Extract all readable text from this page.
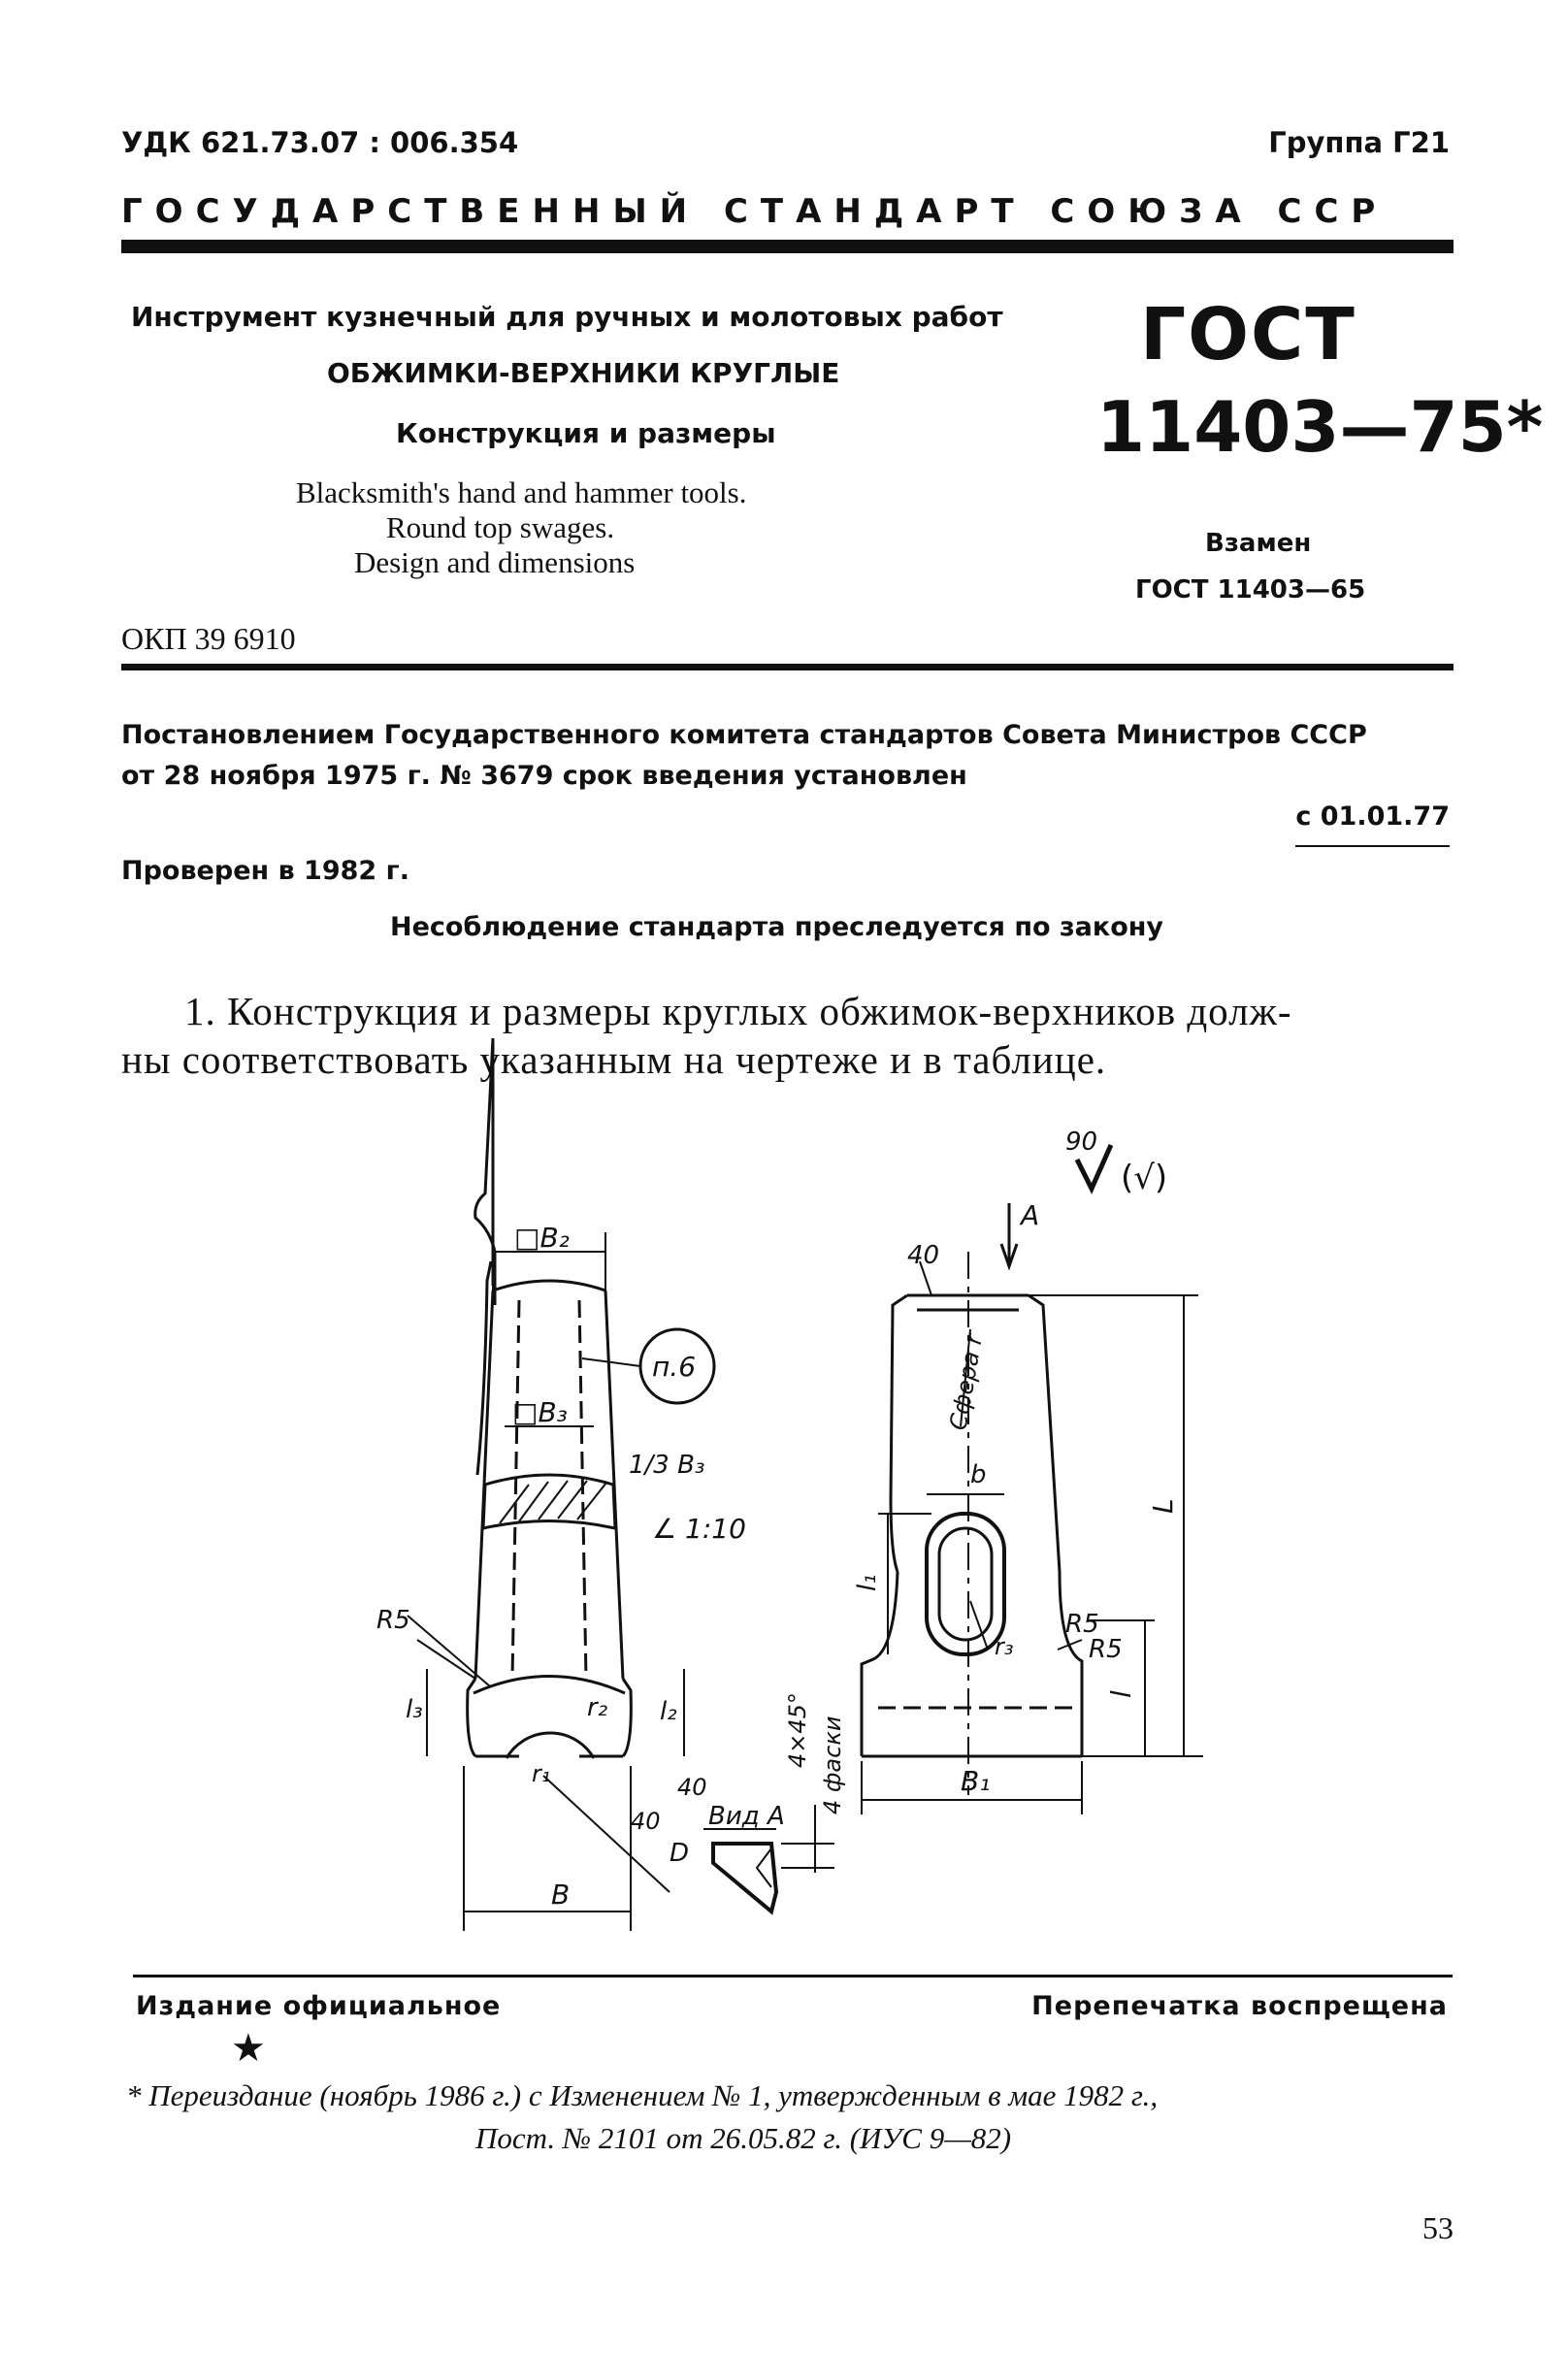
УДК 621.73.07 : 006.354	Группа Г21
ГОСУДАРСТВЕННЫЙ СТАНДАРТ СОЮЗА ССР
Инструмент кузнечный для ручных и молотовых работ
ОБЖИМКИ-ВЕРХНИКИ КРУГЛЫЕ
Конструкция и размеры
Blacksmith's hand and hammer tools.
Round top swages.
Design and dimensions
ОКП 39 6910
ГОСТ
11403—75*
Взамен
ГОСТ 11403—65
Постановлением Государственного комитета стандартов Совета Министров СССР
от 28 ноября 1975 г. № 3679 срок введения установлен
с 01.01.77
Проверен в 1982 г.
Несоблюдение стандарта преследуется по закону
1. Конструкция и размеры круглых обжимок-верхников долж-
ны соответствовать указанным на чертеже и в таблице.
90
(√)
A
40
□B₂
□B₃
п.6
1/3 B₃
∠ 1:10
R5
l₃	r₂ l₂
r₁	40
40
D
B
Сфера r
b
L
l₁
r₃
R5
R5
l
4×45° 4 фаски	B₁
Вид А
Издание официальное	Перепечатка воспрещена
★
* Переиздание (ноябрь 1986 г.) с Изменением № 1, утвержденным в мае 1982 г.,
Пост. № 2101 от 26.05.82 г. (ИУС 9—82)
53
